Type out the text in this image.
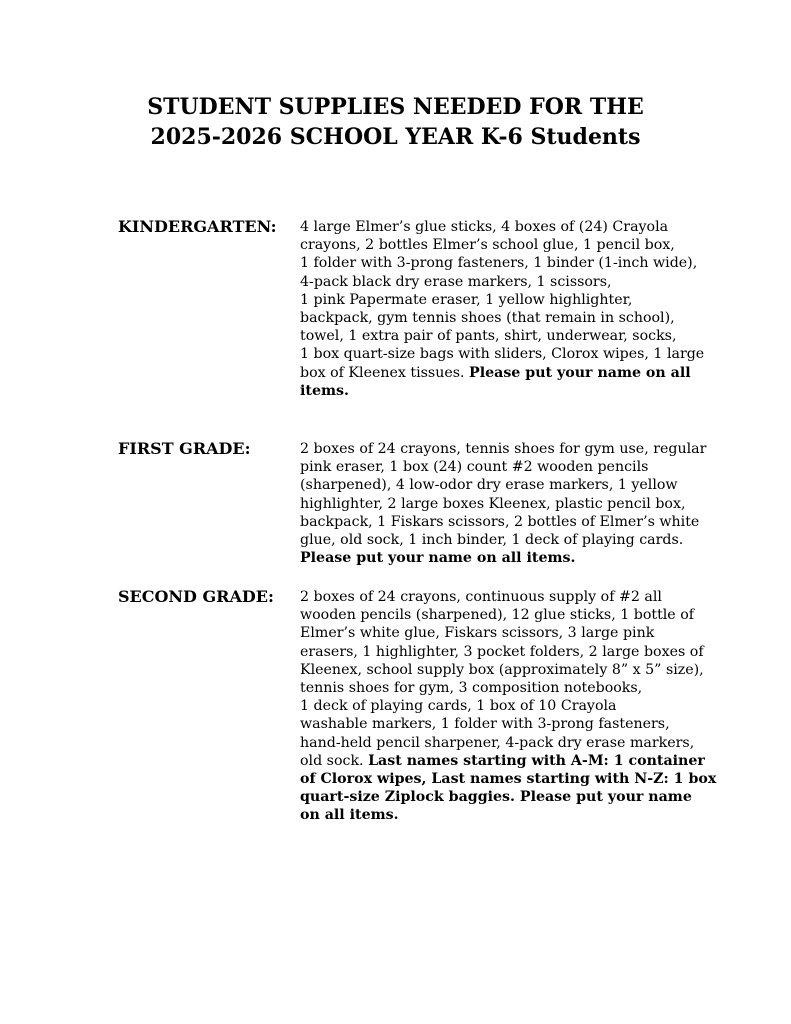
STUDENT SUPPLIES NEEDED FOR THE
2025-2026 SCHOOL YEAR K-6 Students

KINDERGARTEN: 4 large Elmer’s glue sticks, 4 boxes of (24) Crayola
crayons, 2 bottles Elmer’s school glue, 1 pencil box,
1 folder with 3-prong fasteners, 1 binder (1-inch wide),
4-pack black dry erase markers, 1 scissors,
1 pink Papermate eraser, 1 yellow highlighter,
backpack, gym tennis shoes (that remain in school),
towel, 1 extra pair of pants, shirt, underwear, socks,
1 box quart-size bags with sliders, Clorox wipes, 1 large
box of Kleenex tissues. Please put your name on all
items.

FIRST GRADE:	2 boxes of 24 crayons, tennis shoes for gym use, regular
pink eraser, 1 box (24) count #2 wooden pencils
(sharpened), 4 low-odor dry erase markers, 1 yellow
highlighter, 2 large boxes Kleenex, plastic pencil box,
backpack, 1 Fiskars scissors, 2 bottles of Elmer’s white
glue, old sock, 1 inch binder, 1 deck of playing cards.
Please put your name on all items.

SECOND GRADE: 2 boxes of 24 crayons, continuous supply of #2 all
wooden pencils (sharpened), 12 glue sticks, 1 bottle of
Elmer’s white glue, Fiskars scissors, 3 large pink
erasers, 1 highlighter, 3 pocket folders, 2 large boxes of
Kleenex, school supply box (approximately 8” x 5” size),
tennis shoes for gym, 3 composition notebooks,
1 deck of playing cards, 1 box of 10 Crayola
washable markers, 1 folder with 3-prong fasteners,
hand-held pencil sharpener, 4-pack dry erase markers,
old sock. Last names starting with A-M: 1 container
of Clorox wipes, Last names starting with N-Z: 1 box
quart-size Ziplock baggies. Please put your name
on all items.
